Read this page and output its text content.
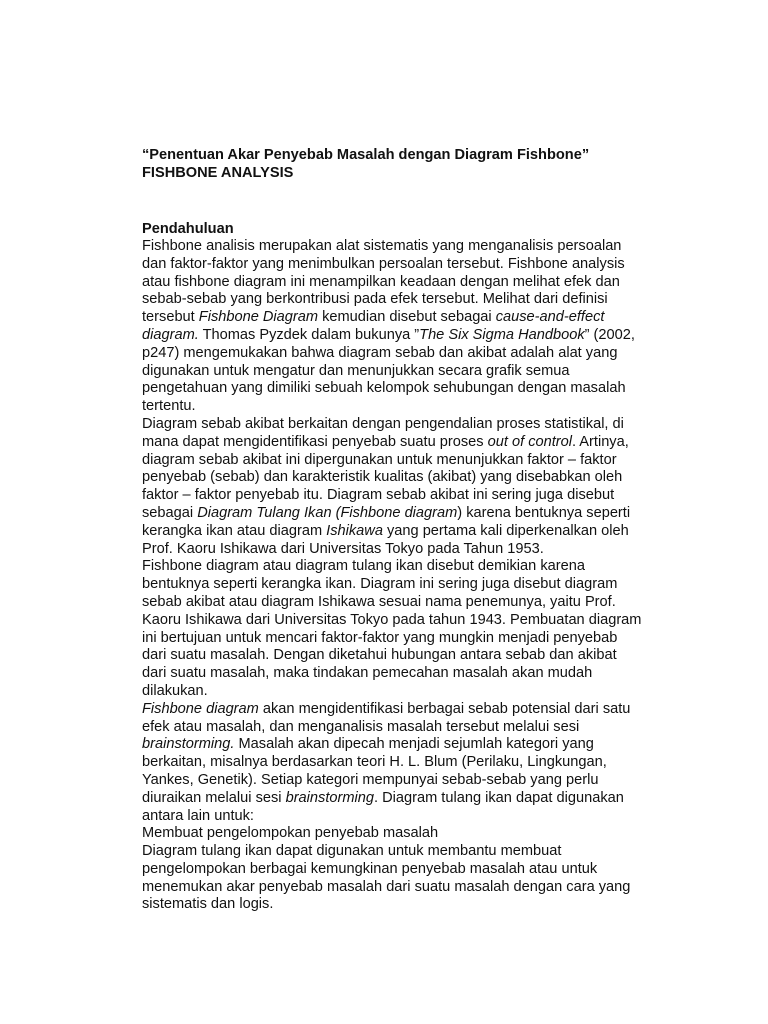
“Penentuan Akar Penyebab Masalah dengan Diagram Fishbone”

FISHBONE ANALYSIS

Pendahuluan

Fishbone analisis merupakan alat sistematis yang menganalisis persoalan
dan faktor-faktor yang menimbulkan persoalan tersebut. Fishbone analysis
atau fishbone diagram ini menampilkan keadaan dengan melihat efek dan
sebab-sebab yang berkontribusi pada efek tersebut. Melihat dari definisi
tersebut Fishbone Diagram kemudian disebut sebagai cause-and-effect
diagram. Thomas Pyzdek dalam bukunya ”The Six Sigma Handbook” (2002,
p247) mengemukakan bahwa diagram sebab dan akibat adalah alat yang
digunakan untuk mengatur dan menunjukkan secara grafik semua
pengetahuan yang dimiliki sebuah kelompok sehubungan dengan masalah
tertentu.

Diagram sebab akibat berkaitan dengan pengendalian proses statistikal, di
mana dapat mengidentifikasi penyebab suatu proses out of control. Artinya,
diagram sebab akibat ini dipergunakan untuk menunjukkan faktor – faktor
penyebab (sebab) dan karakteristik kualitas (akibat) yang disebabkan oleh
faktor – faktor penyebab itu. Diagram sebab akibat ini sering juga disebut
sebagai Diagram Tulang Ikan (Fishbone diagram) karena bentuknya seperti
kerangka ikan atau diagram Ishikawa yang pertama kali diperkenalkan oleh
Prof. Kaoru Ishikawa dari Universitas Tokyo pada Tahun 1953.

Fishbone diagram atau diagram tulang ikan disebut demikian karena
bentuknya seperti kerangka ikan. Diagram ini sering juga disebut diagram
sebab akibat atau diagram Ishikawa sesuai nama penemunya, yaitu Prof.
Kaoru Ishikawa dari Universitas Tokyo pada tahun 1943. Pembuatan diagram
ini bertujuan untuk mencari faktor-faktor yang mungkin menjadi penyebab
dari suatu masalah. Dengan diketahui hubungan antara sebab dan akibat
dari suatu masalah, maka tindakan pemecahan masalah akan mudah
dilakukan.

Fishbone diagram akan mengidentifikasi berbagai sebab potensial dari satu
efek atau masalah, dan menganalisis masalah tersebut melalui sesi
brainstorming. Masalah akan dipecah menjadi sejumlah kategori yang
berkaitan, misalnya berdasarkan teori H. L. Blum (Perilaku, Lingkungan,
Yankes, Genetik). Setiap kategori mempunyai sebab-sebab yang perlu
diuraikan melalui sesi brainstorming. Diagram tulang ikan dapat digunakan
antara lain untuk:

Membuat pengelompokan penyebab masalah

Diagram tulang ikan dapat digunakan untuk membantu membuat
pengelompokan berbagai kemungkinan penyebab masalah atau untuk
menemukan akar penyebab masalah dari suatu masalah dengan cara yang
sistematis dan logis.
